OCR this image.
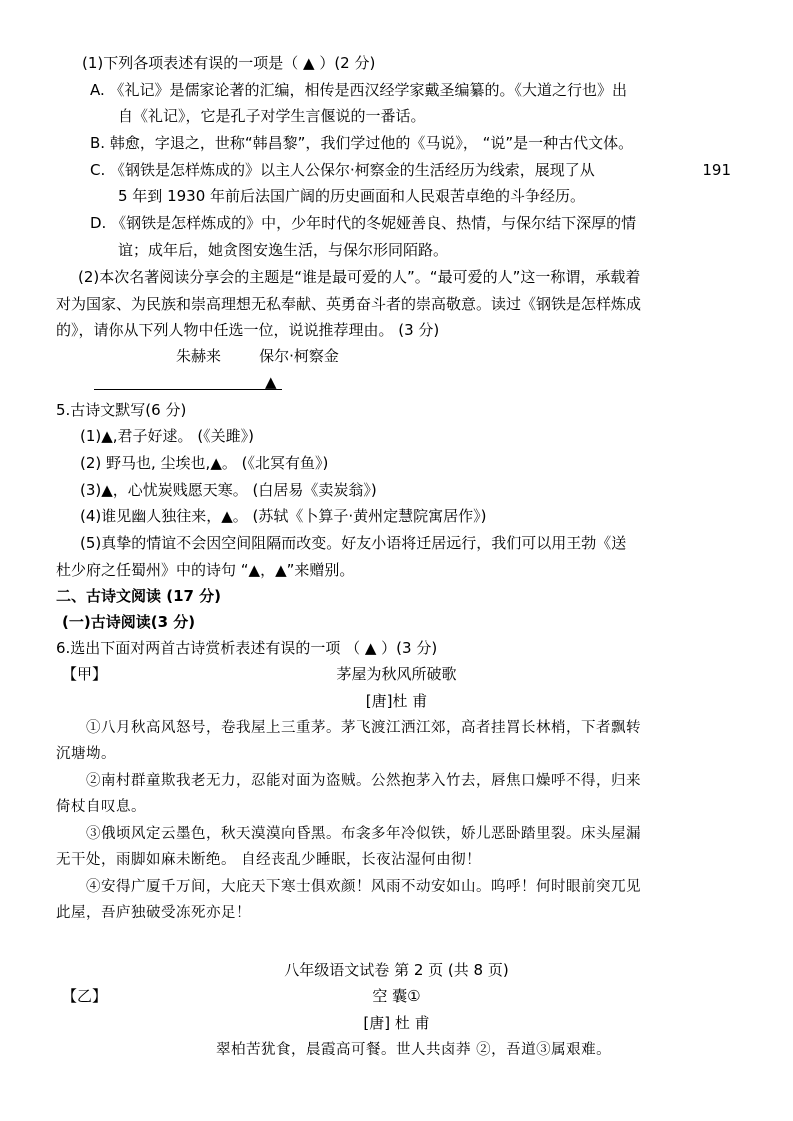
(1)下列各项表述有误的一项是（ ▲ ）(2 分)
A. 《礼记》是儒家论著的汇编，相传是西汉经学家戴圣编纂的。《大道之行也》出
自《礼记》，它是孔子对学生言偃说的一番话。
B. 韩愈，字退之，世称“韩昌黎”，我们学过他的《马说》， “说”是一种古代文体。
C. 《钢铁是怎样炼成的》以主人公保尔·柯察金的生活经历为线索，展现了从	191
5 年到 1930 年前后法国广阔的历史画面和人民艰苦卓绝的斗争经历。
D. 《钢铁是怎样炼成的》中，少年时代的冬妮娅善良、热情，与保尔结下深厚的情
谊；成年后，她贪图安逸生活，与保尔形同陌路。
(2)本次名著阅读分享会的主题是“谁是最可爱的人”。“最可爱的人”这一称谓，承载着
对为国家、为民族和崇高理想无私奉献、英勇奋斗者的崇高敬意。读过《钢铁是怎样炼成
的》，请你从下列人物中任选一位，说说推荐理由。 (3 分)
朱赫来        保尔·柯察金
▲
5.古诗文默写(6 分)
(1)▲,君子好逑。 (《关雎》)
(2) 野马也, 尘埃也,▲。 (《北冥有鱼》)
(3)▲，心忧炭贱愿天寒。 (白居易《卖炭翁》)
(4)谁见幽人独往来，▲。 (苏轼《卜算子·黄州定慧院寓居作》)
(5)真挚的情谊不会因空间阻隔而改变。好友小语将迁居远行，我们可以用王勃《送
杜少府之任蜀州》中的诗句 “▲，▲”来赠别。
二、古诗文阅读 (17 分)
(一)古诗阅读(3 分)
6.选出下面对两首古诗赏析表述有误的一项 （ ▲ ）(3 分)
【甲】	茅屋为秋风所破歌
[唐]杜 甫
①八月秋高风怒号，卷我屋上三重茅。茅飞渡江洒江郊，高者挂罥长林梢，下者飘转
沉塘坳。
②南村群童欺我老无力，忍能对面为盗贼。公然抱茅入竹去，唇焦口燥呼不得，归来
倚杖自叹息。
③俄顷风定云墨色，秋天漠漠向昏黑。布衾多年冷似铁，娇儿恶卧踏里裂。床头屋漏
无干处，雨脚如麻未断绝。 自经丧乱少睡眠，长夜沾湿何由彻！
④安得广厦千万间，大庇天下寒士俱欢颜！风雨不动安如山。呜呼！何时眼前突兀见
此屋，吾庐独破受冻死亦足！
八年级语文试卷 第 2 页 (共 8 页)
【乙】	空 囊①
[唐] 杜 甫
翠柏苦犹食，晨霞高可餐。世人共卤莽 ②，吾道③属艰难。
